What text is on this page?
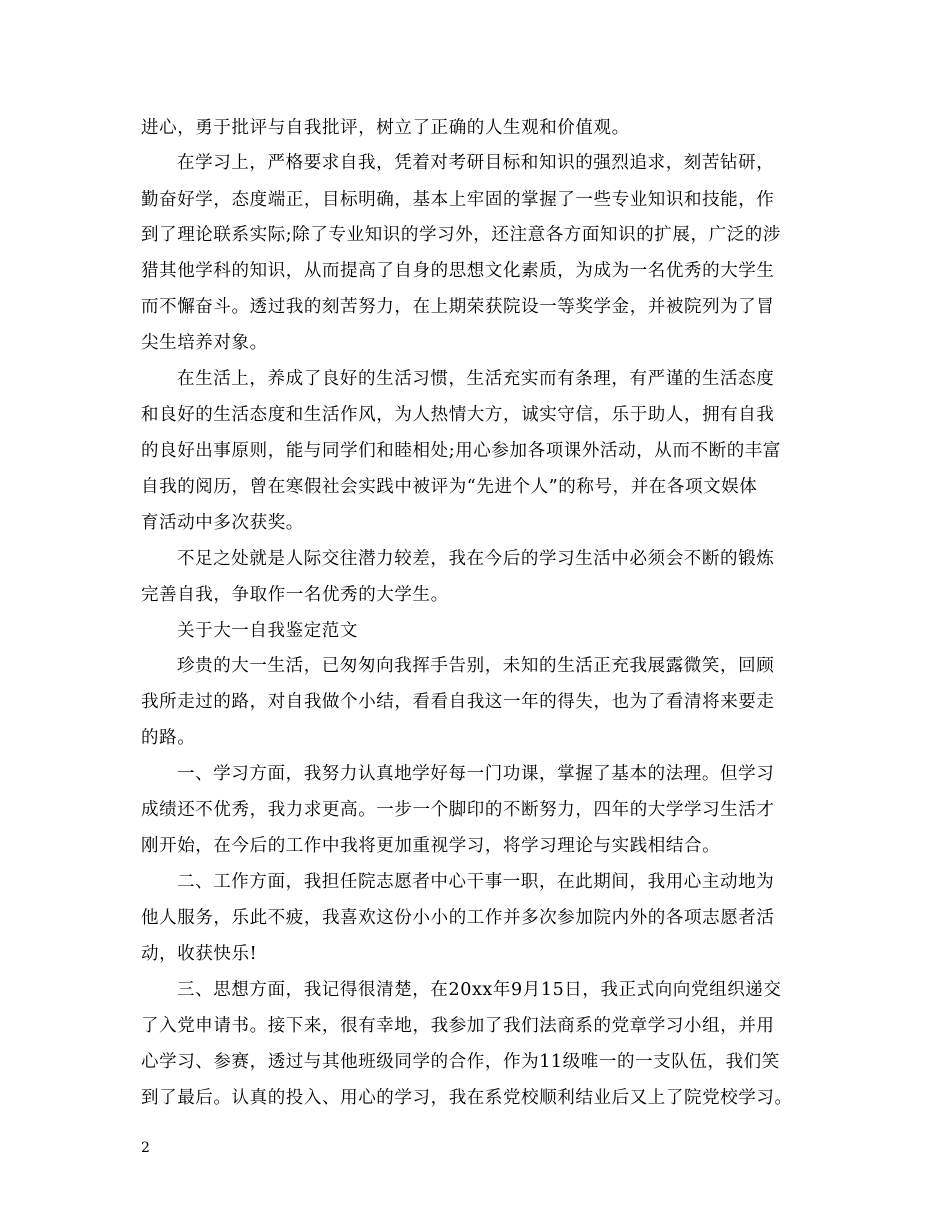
进心，勇于批评与自我批评，树立了正确的人生观和价值观。
在学习上，严格要求自我，凭着对考研目标和知识的强烈追求，刻苦钻研，
勤奋好学，态度端正，目标明确，基本上牢固的掌握了一些专业知识和技能，作
到了理论联系实际;除了专业知识的学习外，还注意各方面知识的扩展，广泛的涉
猎其他学科的知识，从而提高了自身的思想文化素质，为成为一名优秀的大学生
而不懈奋斗。透过我的刻苦努力，在上期荣获院设一等奖学金，并被院列为了冒
尖生培养对象。
在生活上，养成了良好的生活习惯，生活充实而有条理，有严谨的生活态度
和良好的生活态度和生活作风，为人热情大方，诚实守信，乐于助人，拥有自我
的良好出事原则，能与同学们和睦相处;用心参加各项课外活动，从而不断的丰富
自我的阅历，曾在寒假社会实践中被评为“先进个人”的称号，并在各项文娱体
育活动中多次获奖。
不足之处就是人际交往潜力较差，我在今后的学习生活中必须会不断的锻炼
完善自我，争取作一名优秀的大学生。
关于大一自我鉴定范文
珍贵的大一生活，已匆匆向我挥手告别，未知的生活正充我展露微笑，回顾
我所走过的路，对自我做个小结，看看自我这一年的得失，也为了看清将来要走
的路。
一、学习方面，我努力认真地学好每一门功课，掌握了基本的法理。但学习
成绩还不优秀，我力求更高。一步一个脚印的不断努力，四年的大学学习生活才
刚开始，在今后的工作中我将更加重视学习，将学习理论与实践相结合。
二、工作方面，我担任院志愿者中心干事一职，在此期间，我用心主动地为
他人服务，乐此不疲，我喜欢这份小小的工作并多次参加院内外的各项志愿者活
动，收获快乐!
三、思想方面，我记得很清楚，在20xx年9月15日，我正式向向党组织递交
了入党申请书。接下来，很有幸地，我参加了我们法商系的党章学习小组，并用
心学习、参赛，透过与其他班级同学的合作，作为11级唯一的一支队伍，我们笑
到了最后。认真的投入、用心的学习，我在系党校顺利结业后又上了院党校学习。
2
